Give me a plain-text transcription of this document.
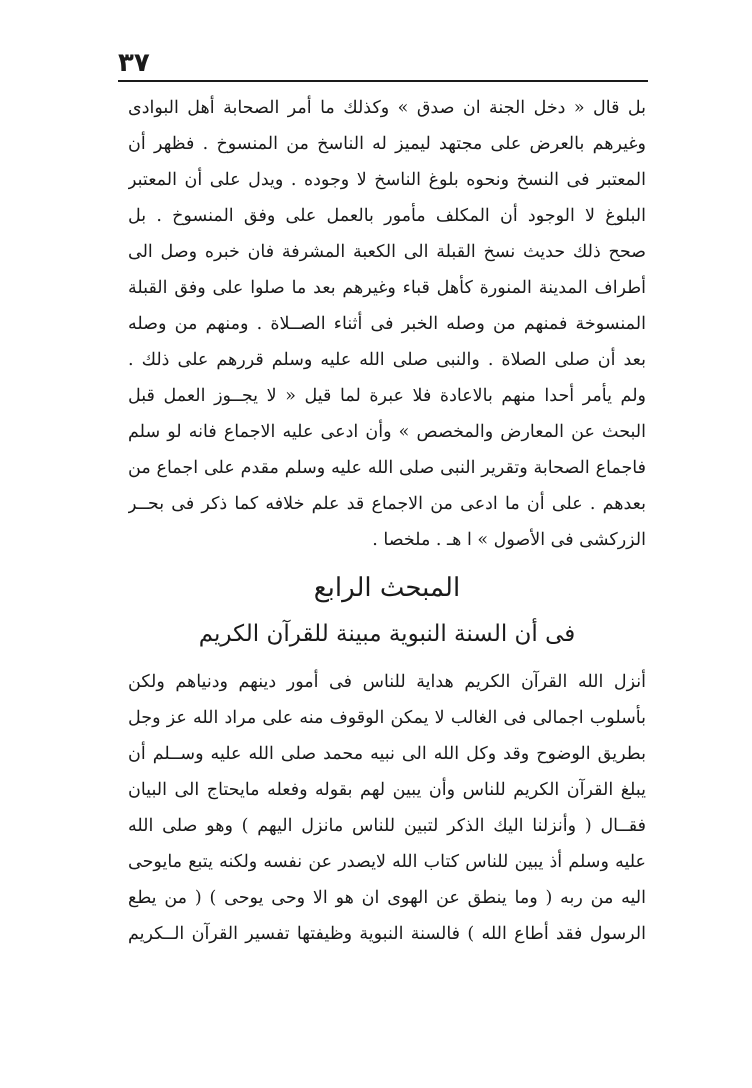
٣٧
بل قال « دخل الجنة ان صدق » وكذلك ما أمر الصحابة أهل البوادى
وغيرهم بالعرض على مجتهد ليميز له الناسخ من المنسوخ . فظهر أن
المعتبر فى النسخ ونحوه بلوغ الناسخ لا وجوده . ويدل على أن المعتبر
البلوغ لا الوجود أن المكلف مأمور بالعمل على وفق المنسوخ . بل
صحح ذلك حديث نسخ القبلة الى الكعبة المشرفة فان خبره وصل الى
أطراف المدينة المنورة كأهل قباء وغيرهم بعد ما صلوا على وفق القبلة
المنسوخة فمنهم من وصله الخبر فى أثناء الصــلاة . ومنهم من وصله
بعد أن صلى الصلاة . والنبى صلى الله عليه وسلم قررهم على ذلك .
ولم يأمر أحدا منهم بالاعادة فلا عبرة لما قيل « لا يجــوز العمل قبل
البحث عن المعارض والمخصص » وأن ادعى عليه الاجماع فانه لو سلم
فاجماع الصحابة وتقرير النبى صلى الله عليه وسلم مقدم على اجماع من
بعدهم . على أن ما ادعى من الاجماع قد علم خلافه كما ذكر فى بحــر
الزركشى فى الأصول » ا هـ . ملخصا .
المبحث الرابع
فى أن السنة النبوية مبينة للقرآن الكريم
أنزل الله القرآن الكريم هداية للناس فى أمور دينهم ودنياهم ولكن
بأسلوب اجمالى فى الغالب لا يمكن الوقوف منه على مراد الله عز وجل
بطريق الوضوح وقد وكل الله الى نبيه محمد صلى الله عليه وســلم أن
يبلغ القرآن الكريم للناس وأن يبين لهم بقوله وفعله مايحتاج الى البيان
فقــال ( وأنزلنا اليك الذكر لتبين للناس مانزل اليهم ) وهو صلى الله
عليه وسلم أذ يبين للناس كتاب الله لايصدر عن نفسه ولكنه يتبع مايوحى
اليه من ربه ( وما ينطق عن الهوى ان هو الا وحى يوحى ) ( من يطع
الرسول فقد أطاع الله ) فالسنة النبوية وظيفتها تفسير القرآن الــكريم
